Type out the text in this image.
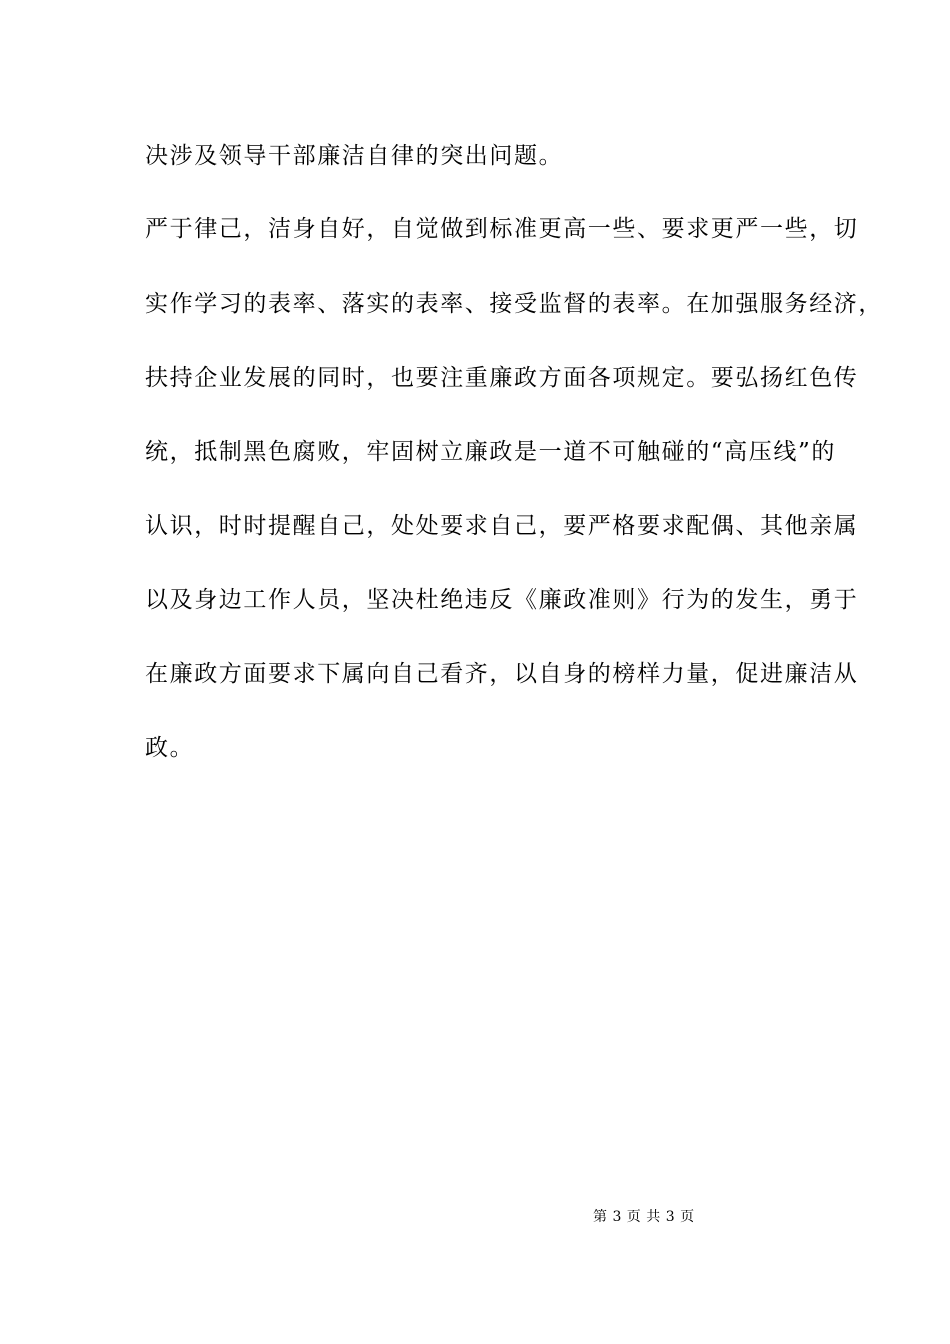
决涉及领导干部廉洁自律的突出问题。
严于律己，洁身自好，自觉做到标准更高一些、要求更严一些，切
实作学习的表率、落实的表率、接受监督的表率。在加强服务经济，
扶持企业发展的同时，也要注重廉政方面各项规定。要弘扬红色传
统，抵制黑色腐败，牢固树立廉政是一道不可触碰的“高压线”的
认识，时时提醒自己，处处要求自己，要严格要求配偶、其他亲属
以及身边工作人员，坚决杜绝违反《廉政准则》行为的发生，勇于
在廉政方面要求下属向自己看齐，以自身的榜样力量，促进廉洁从
政。
第 3 页 共 3 页
